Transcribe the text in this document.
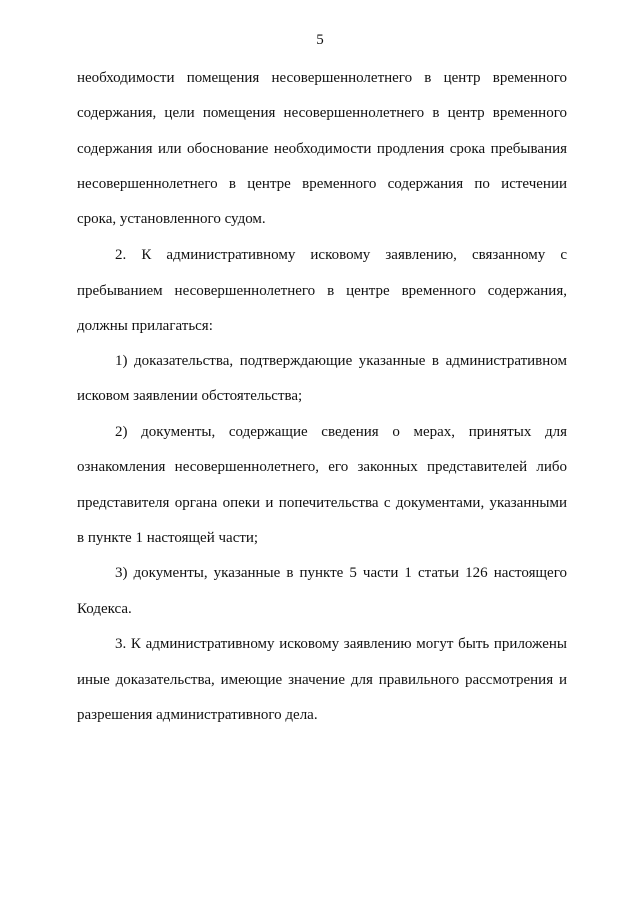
5
необходимости помещения несовершеннолетнего в центр временного
содержания, цели помещения несовершеннолетнего в центр временного
содержания или обоснование необходимости продления срока пребывания
несовершеннолетнего в центре временного содержания по истечении
срока, установленного судом.
2. К административному исковому заявлению, связанному с
пребыванием несовершеннолетнего в центре временного содержания,
должны прилагаться:
1) доказательства, подтверждающие указанные в административном
исковом заявлении обстоятельства;
2) документы, содержащие сведения о мерах, принятых для
ознакомления несовершеннолетнего, его законных представителей либо
представителя органа опеки и попечительства с документами, указанными
в пункте 1 настоящей части;
3) документы, указанные в пункте 5 части 1 статьи 126 настоящего
Кодекса.
3. К административному исковому заявлению могут быть приложены
иные доказательства, имеющие значение для правильного рассмотрения и
разрешения административного дела.
